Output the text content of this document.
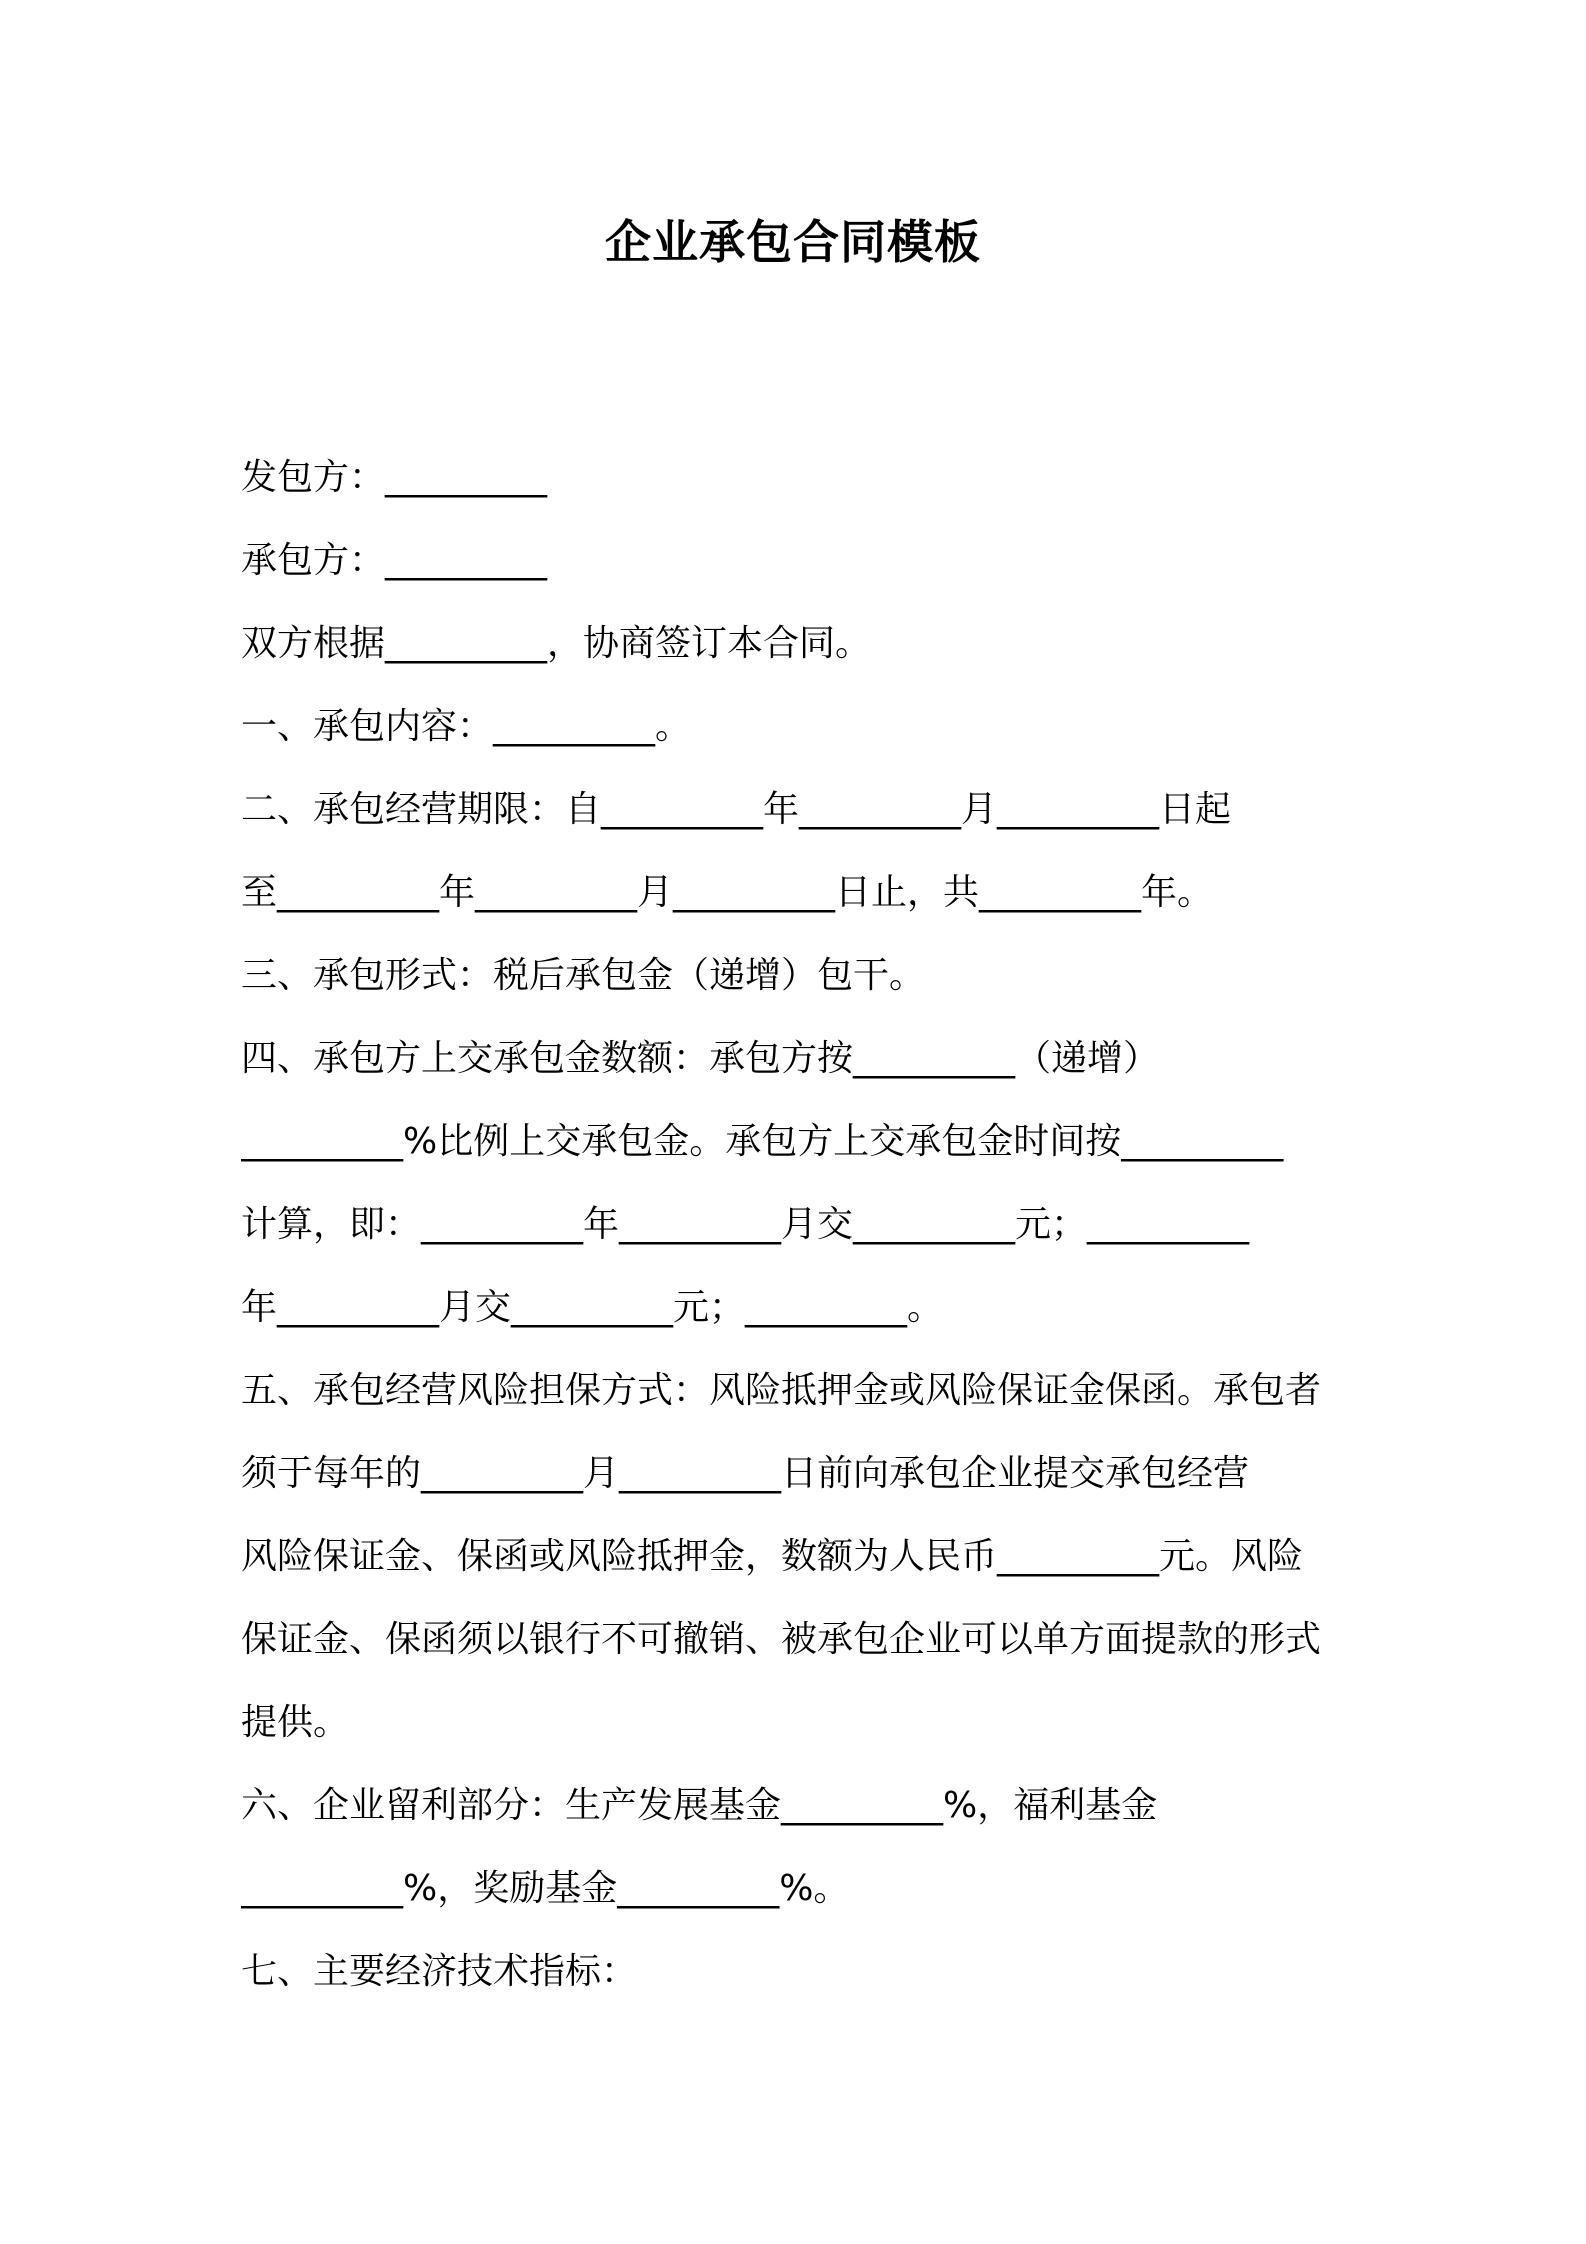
企业承包合同模板
发包方：_________
承包方：_________
双方根据_________，协商签订本合同。
一、承包内容：_________。
二、承包经营期限：自_________年_________月_________日起
至_________年_________月_________日止，共_________年。
三、承包形式：税后承包金（递增）包干。
四、承包方上交承包金数额：承包方按_________（递增）
_________%比例上交承包金。承包方上交承包金时间按_________
计算，即：_________年_________月交_________元；_________
年_________月交_________元；_________。
五、承包经营风险担保方式：风险抵押金或风险保证金保函。承包者
须于每年的_________月_________日前向承包企业提交承包经营
风险保证金、保函或风险抵押金，数额为人民币_________元。风险
保证金、保函须以银行不可撤销、被承包企业可以单方面提款的形式
提供。
六、企业留利部分：生产发展基金_________%，福利基金
_________%，奖励基金_________%。
七、主要经济技术指标：
